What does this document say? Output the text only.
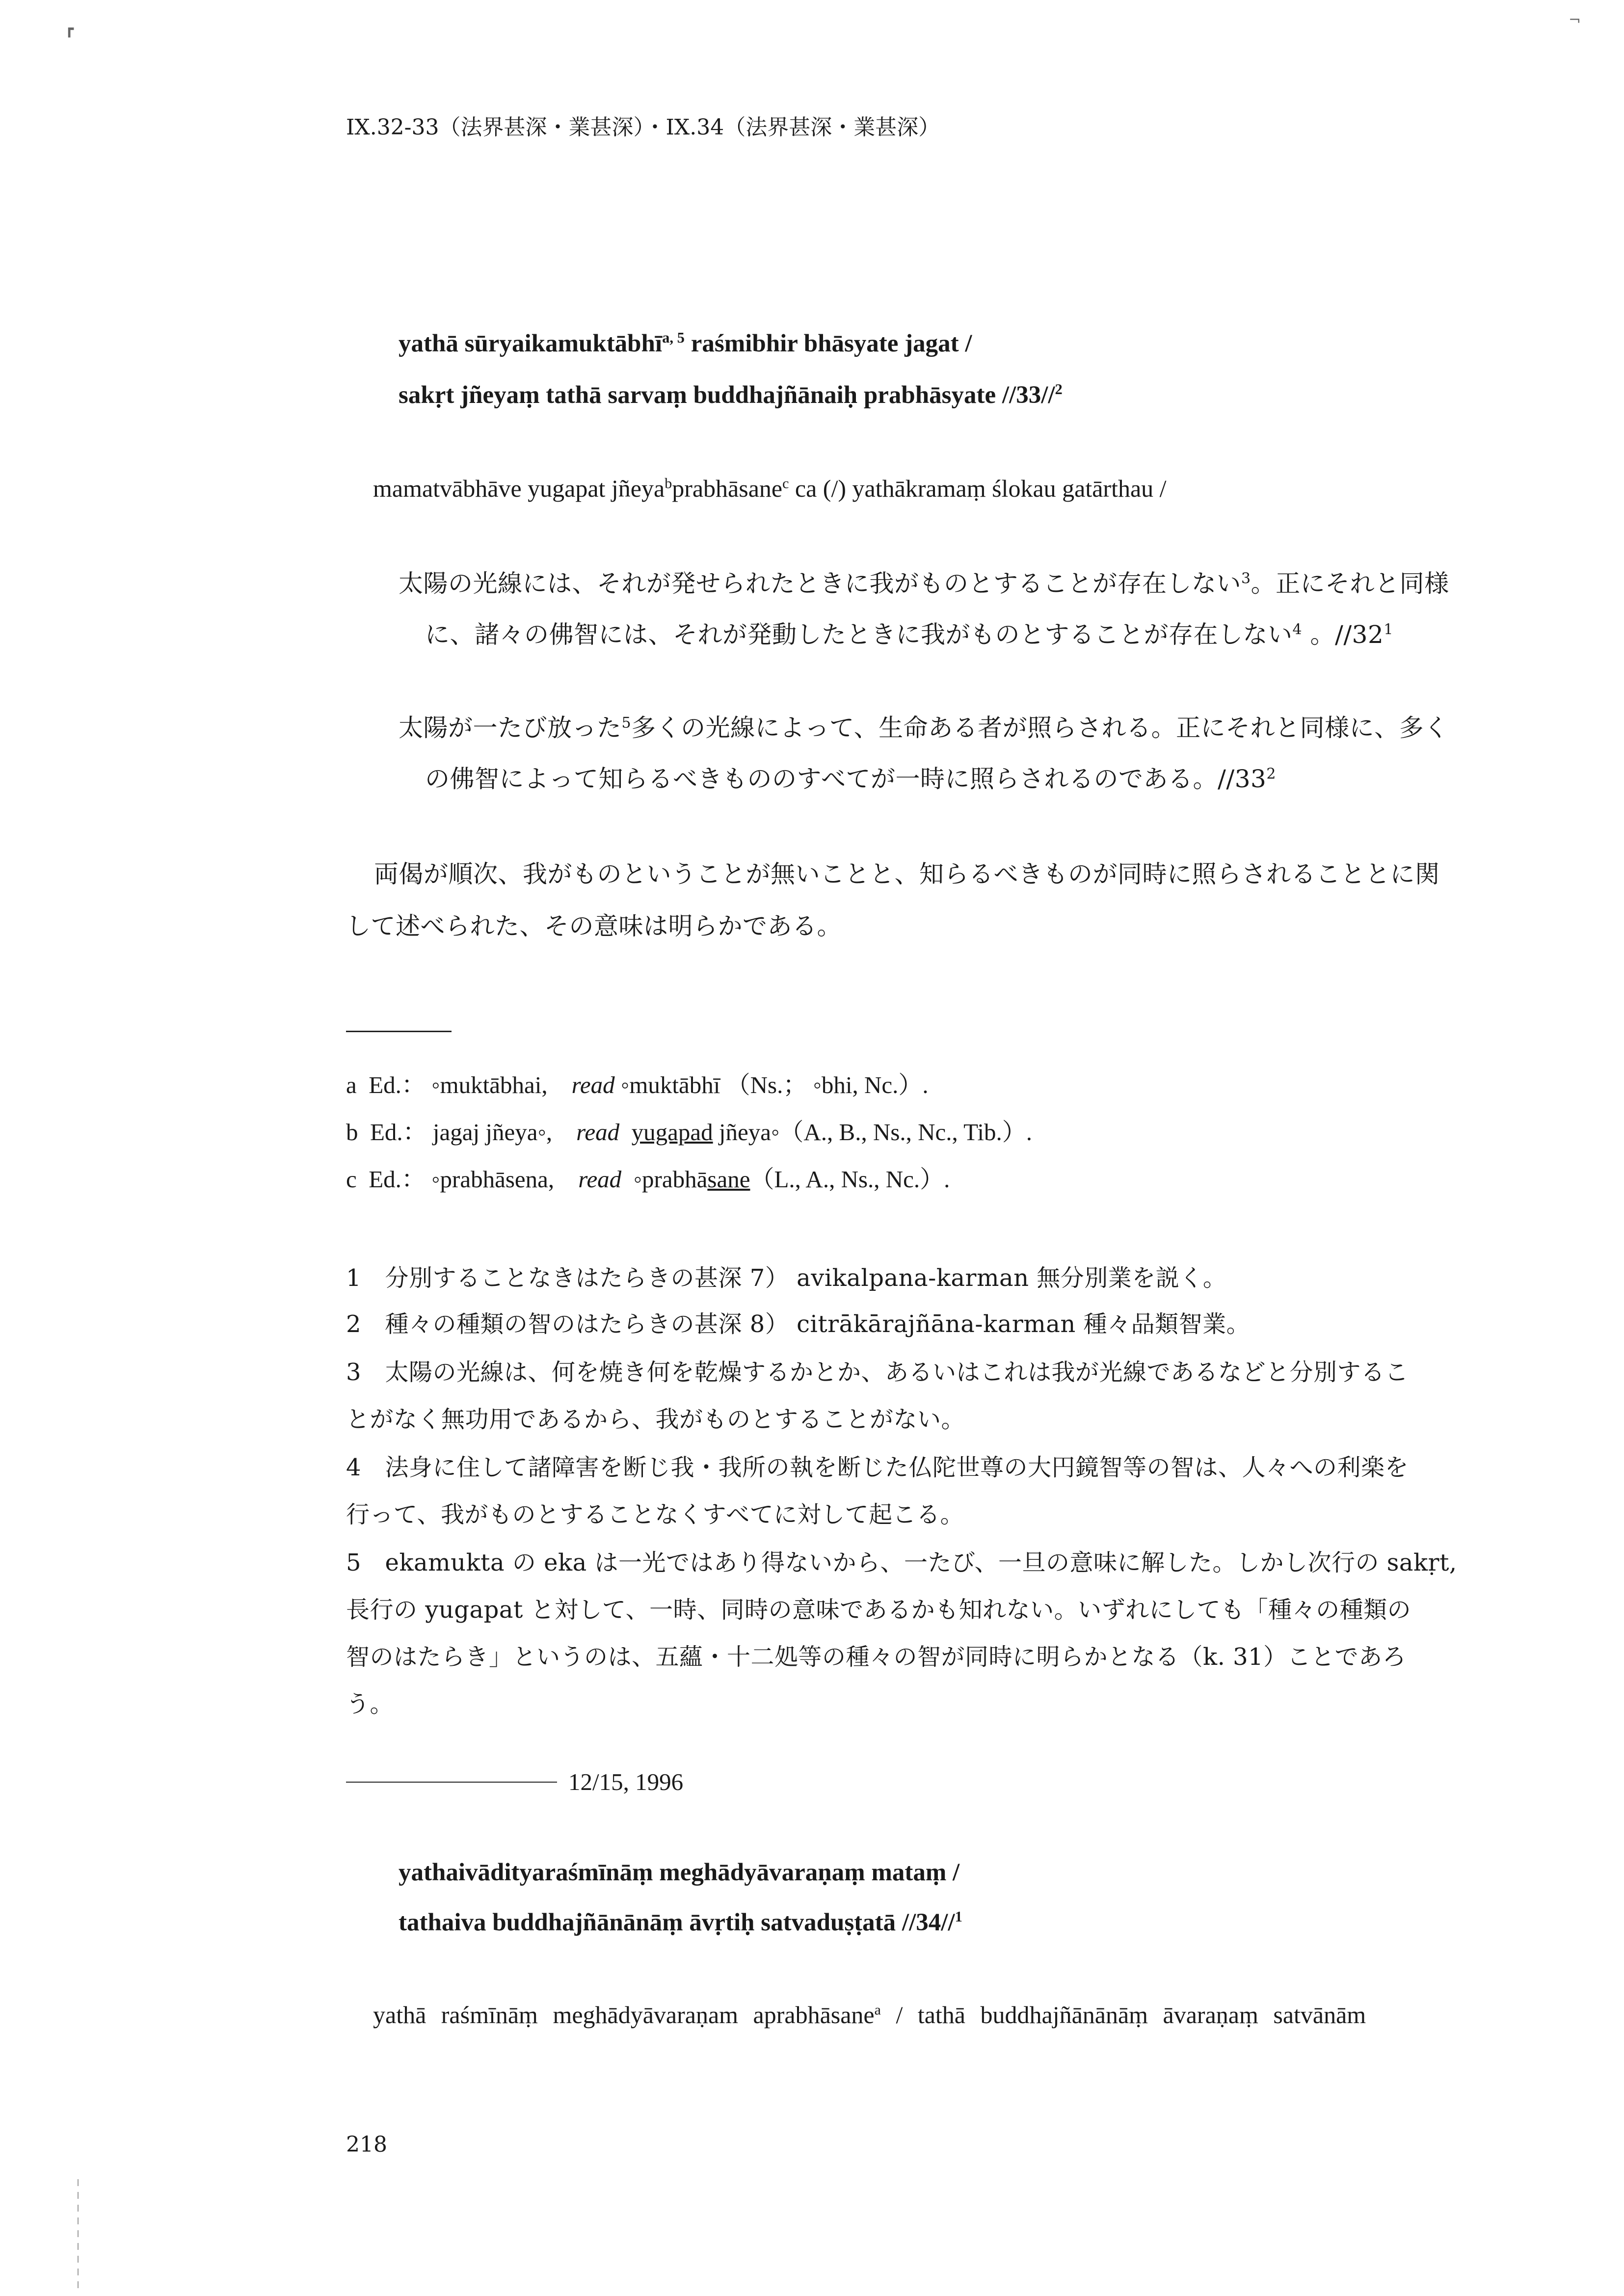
┏
¬
IX.32-33（法界甚深・業甚深）・IX.34（法界甚深・業甚深）
yathā sūryaikamuktābhī$^{a, 5}$ raśmibhir bhāsyate jagat /
sakṛt jñeyaṃ tathā sarvaṃ buddhajñānaiḥ prabhāsyate //33//$^2$
mamatvābhāve yugapat jñeya$^b$prabhāsane$^c$ ca (/) yathākramaṃ ślokau gatārthau /
太陽の光線には、それが発せられたときに我がものとすることが存在しない$^3$。正にそれと同様
に、諸々の佛智には、それが発動したときに我がものとすることが存在しない$^4$ 。$//32^1$
太陽が一たび放った$^5$多くの光線によって、生命ある者が照らされる。正にそれと同様に、多く
の佛智によって知らるべきもののすべてが一時に照らされるのである。$//33^2$
両偈が順次、我がものということが無いことと、知らるべきものが同時に照らされることとに関
して述べられた、その意味は明らかである。
a Ed.： ◦muktābhai, read ◦muktābhī （Ns.； ◦bhi, Nc.）.
b Ed.： jagaj jñeya◦, read yugapad jñeya◦（A., B., Ns., Nc., Tib.）.
c Ed.： ◦prabhāsena, read ◦prabhāsane（L., A., Ns., Nc.）.
1　分別することなきはたらきの甚深 7） avikalpana-karman 無分別業を説く。
2　種々の種類の智のはたらきの甚深 8） citrākārajñāna-karman 種々品類智業。
3　太陽の光線は、何を焼き何を乾燥するかとか、あるいはこれは我が光線であるなどと分別するこ
とがなく無功用であるから、我がものとすることがない。
4　法身に住して諸障害を断じ我・我所の執を断じた仏陀世尊の大円鏡智等の智は、人々への利楽を
行って、我がものとすることなくすべてに対して起こる。
5　ekamukta の eka は一光ではあり得ないから、一たび、一旦の意味に解した。しかし次行の sakṛt,
長行の yugapat と対して、一時、同時の意味であるかも知れない。いずれにしても「種々の種類の
智のはたらき」というのは、五蘊・十二処等の種々の智が同時に明らかとなる（k. 31）ことであろ
う。
12/15, 1996
yathaivādityaraśmīnāṃ meghādyāvaraṇaṃ mataṃ /
tathaiva buddhajñānānāṃ āvṛtiḥ satvaduṣṭatā //34//$^1$
yathā raśmīnāṃ meghādyāvaraṇam aprabhāsane$^a$ / tathā buddhajñānānāṃ āvaraṇaṃ satvānām
218
